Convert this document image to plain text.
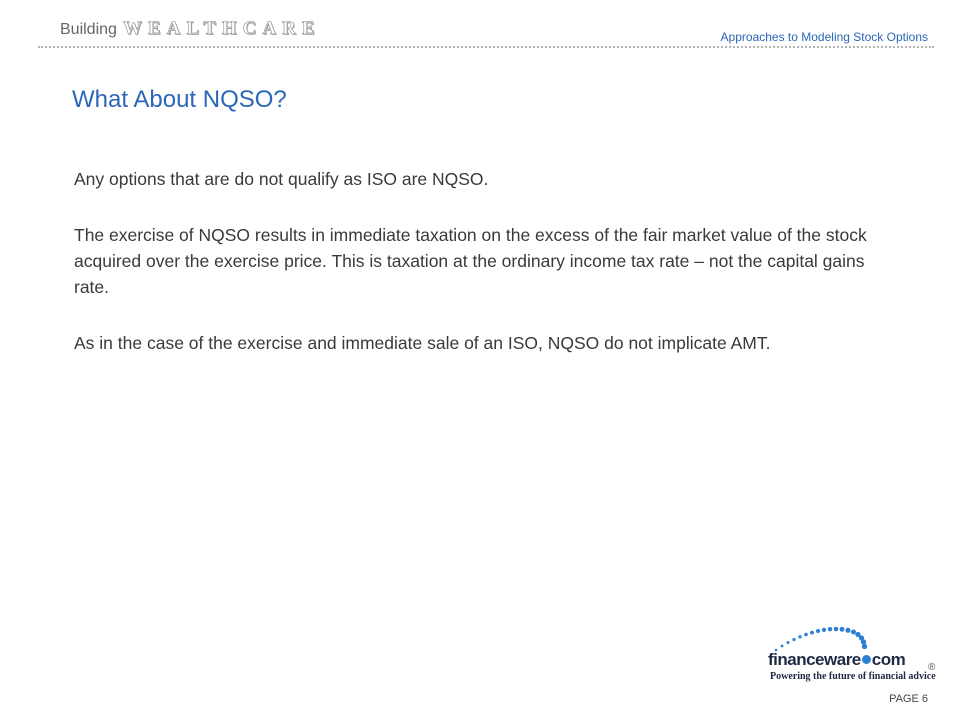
Building WEALTHCARE	Approaches to Modeling Stock Options
What About NQSO?

Any options that are do not qualify as ISO are NQSO.

The exercise of NQSO results in immediate taxation on the excess of the fair market value of the stock acquired over the exercise price. This is taxation at the ordinary income tax rate – not the capital gains rate.

As in the case of the exercise and immediate sale of an ISO, NQSO do not implicate AMT.

financeware com
Powering the future of financial advice
®
PAGE 6
